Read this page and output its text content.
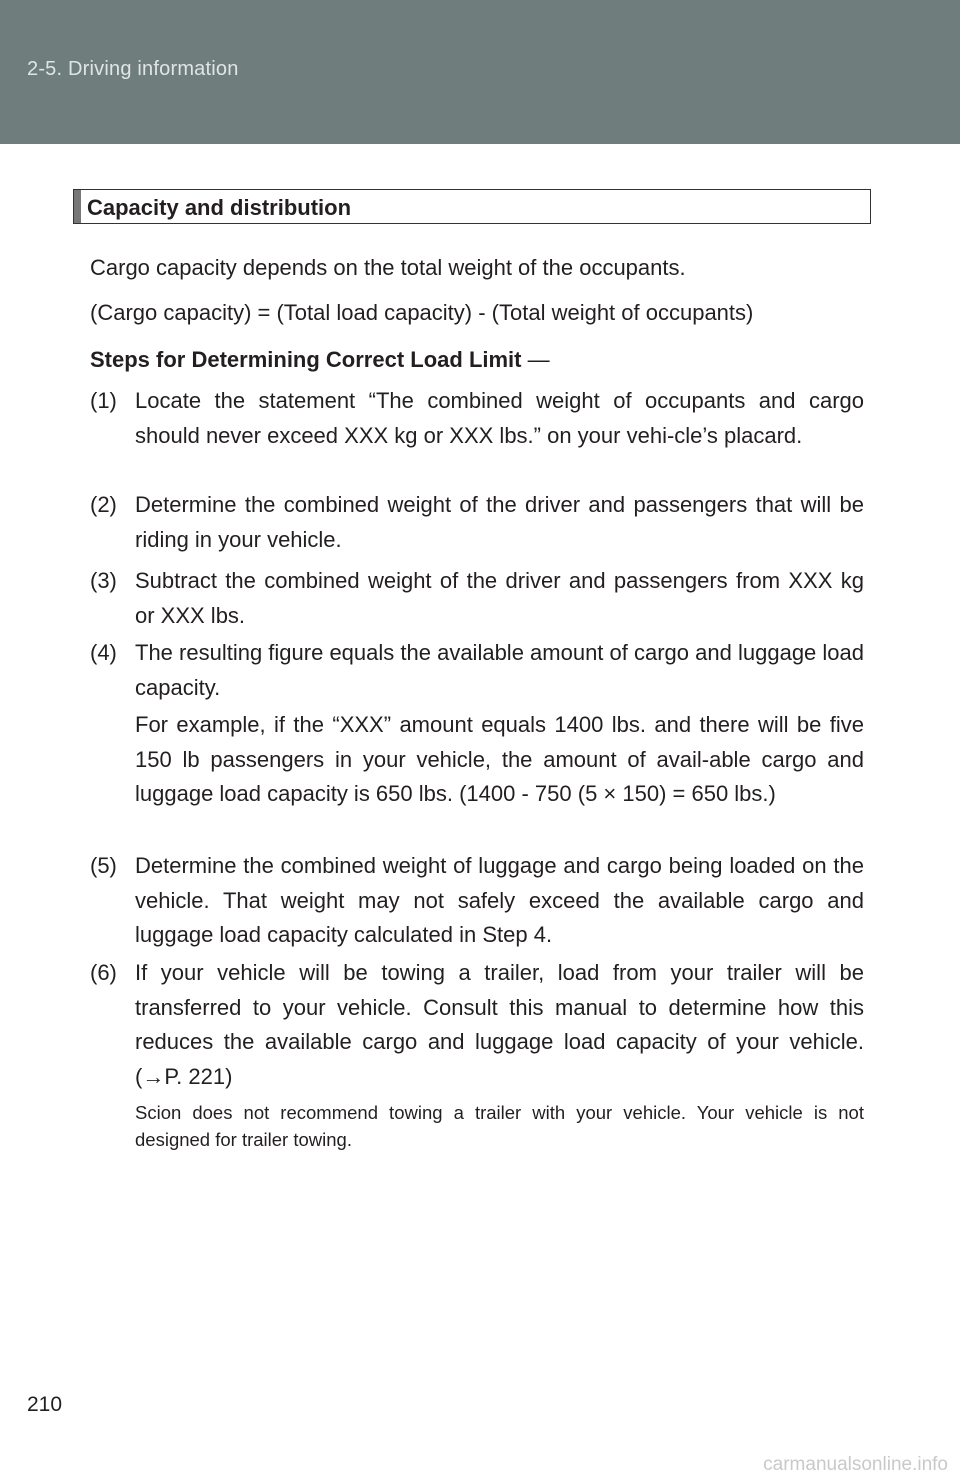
2-5. Driving information
Capacity and distribution
Cargo capacity depends on the total weight of the occupants.
(Cargo capacity) = (Total load capacity) - (Total weight of occupants)
Steps for Determining Correct Load Limit —
(1) Locate the statement “The combined weight of occupants and cargo should never exceed XXX kg or XXX lbs.” on your vehi-cle’s placard.
(2) Determine the combined weight of the driver and passengers that will be riding in your vehicle.
(3) Subtract the combined weight of the driver and passengers from XXX kg or XXX lbs.
(4) The resulting figure equals the available amount of cargo and luggage load capacity.
For example, if the “XXX” amount equals 1400 lbs. and there will be five 150 lb passengers in your vehicle, the amount of avail-able cargo and luggage load capacity is 650 lbs. (1400 - 750 (5 × 150) = 650 lbs.)
(5) Determine the combined weight of luggage and cargo being loaded on the vehicle. That weight may not safely exceed the available cargo and luggage load capacity calculated in Step 4.
(6) If your vehicle will be towing a trailer, load from your trailer will be transferred to your vehicle. Consult this manual to determine how this reduces the available cargo and luggage load capacity of your vehicle. (→P. 221)
Scion does not recommend towing a trailer with your vehicle. Your vehicle is not designed for trailer towing.
210
carmanualsonline.info
